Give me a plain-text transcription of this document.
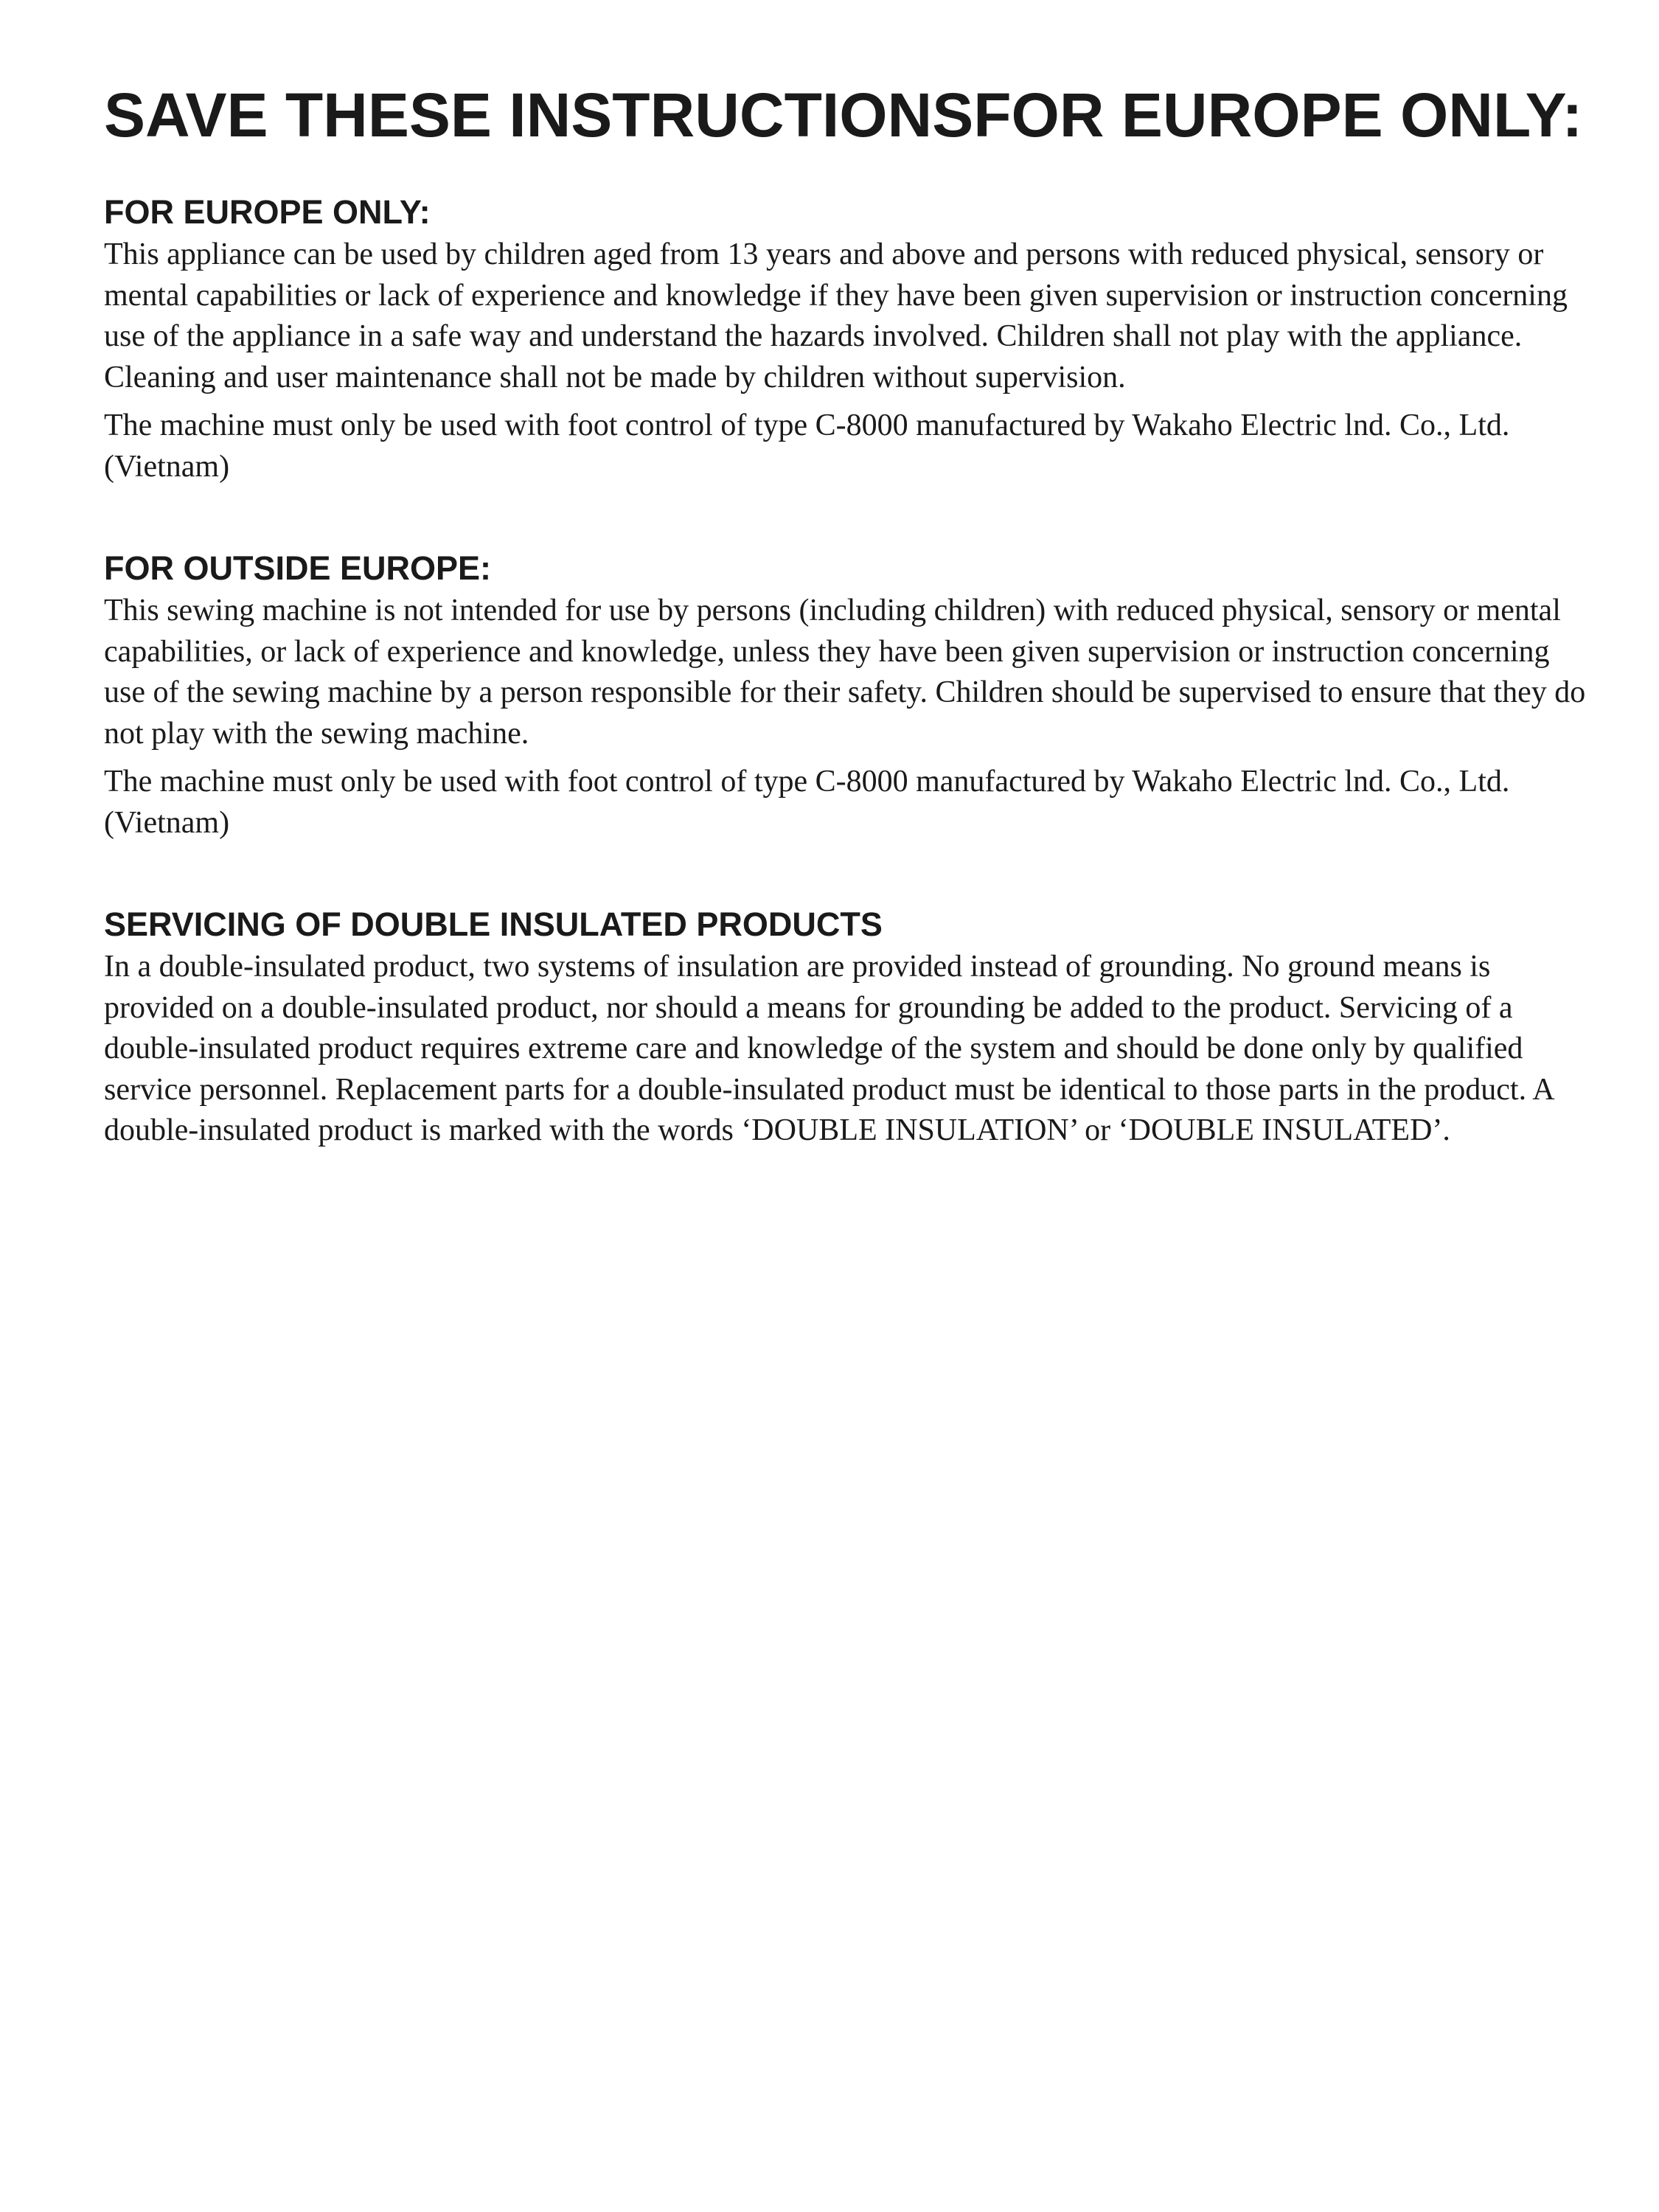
SAVE THESE INSTRUCTIONSFOR EUROPE ONLY:
FOR EUROPE ONLY:

This appliance can be used by children aged from 13 years and above and persons with reduced physical, sensory or mental capabilities or lack of experience and knowledge if they have been given supervision or instruction concerning use of the appliance in a safe way and understand the hazards involved. Children shall not play with the appliance. Cleaning and user maintenance shall not be made by children without supervision.

The machine must only be used with foot control of type C-8000 manufactured by Wakaho Electric lnd. Co., Ltd.(Vietnam)

FOR OUTSIDE EUROPE:

This sewing machine is not intended for use by persons (including children) with reduced physical, sensory or mental capabilities, or lack of experience and knowledge, unless they have been given supervision or instruction concerning use of the sewing machine by a person responsible for their safety. Children should be supervised to ensure that they do not play with the sewing machine.

The machine must only be used with foot control of type C-8000 manufactured by Wakaho Electric lnd. Co., Ltd.(Vietnam)

SERVICING OF DOUBLE INSULATED PRODUCTS

In a double-insulated product, two systems of insulation are provided instead of grounding. No ground means is provided on a double-insulated product, nor should a means for grounding be added to the product. Servicing of a double-insulated product requires extreme care and knowledge of the system and should be done only by qualified service personnel. Replacement parts for a double-insulated product must be identical to those parts in the product. A double-insulated product is marked with the words ‘DOUBLE INSULATION’ or ‘DOUBLE INSULATED’.
